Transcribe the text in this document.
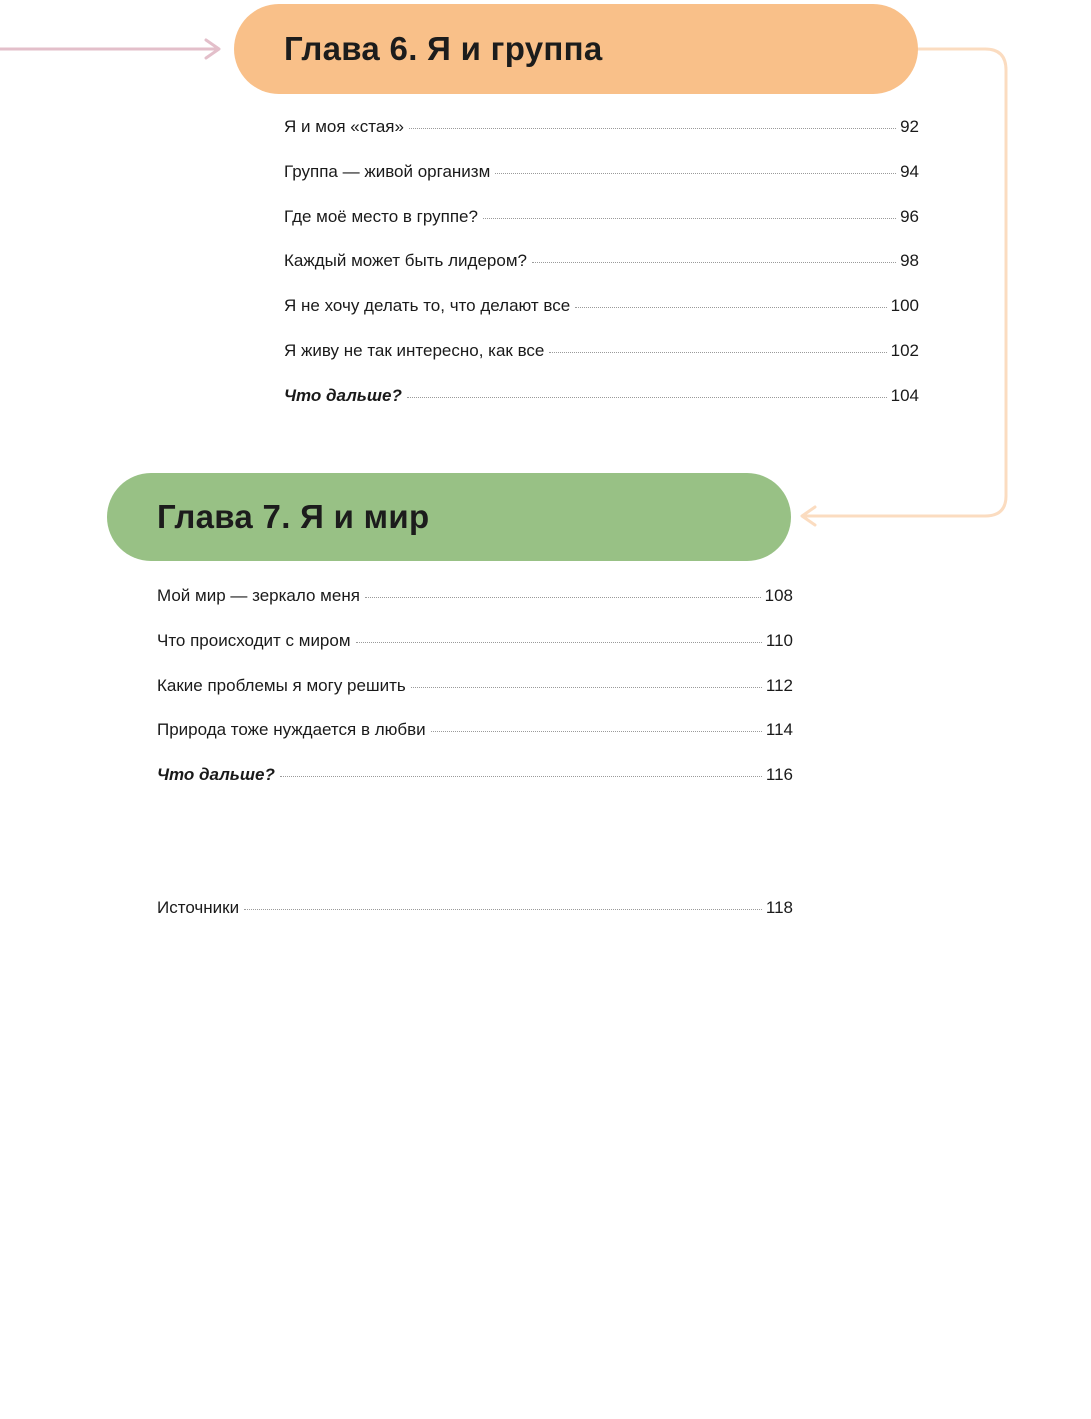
Глава 6. Я и группа
Я и моя «стая»	92
Группа — живой организм	94
Где моё место в группе?	96
Каждый может быть лидером?	98
Я не хочу делать то, что делают все	100
Я живу не так интересно, как все	102
Что дальше?	104
Глава 7. Я и мир
Мой мир — зеркало меня	108
Что происходит с миром	110
Какие проблемы я могу решить	112
Природа тоже нуждается в любви	114
Что дальше?	116
Источники	118
